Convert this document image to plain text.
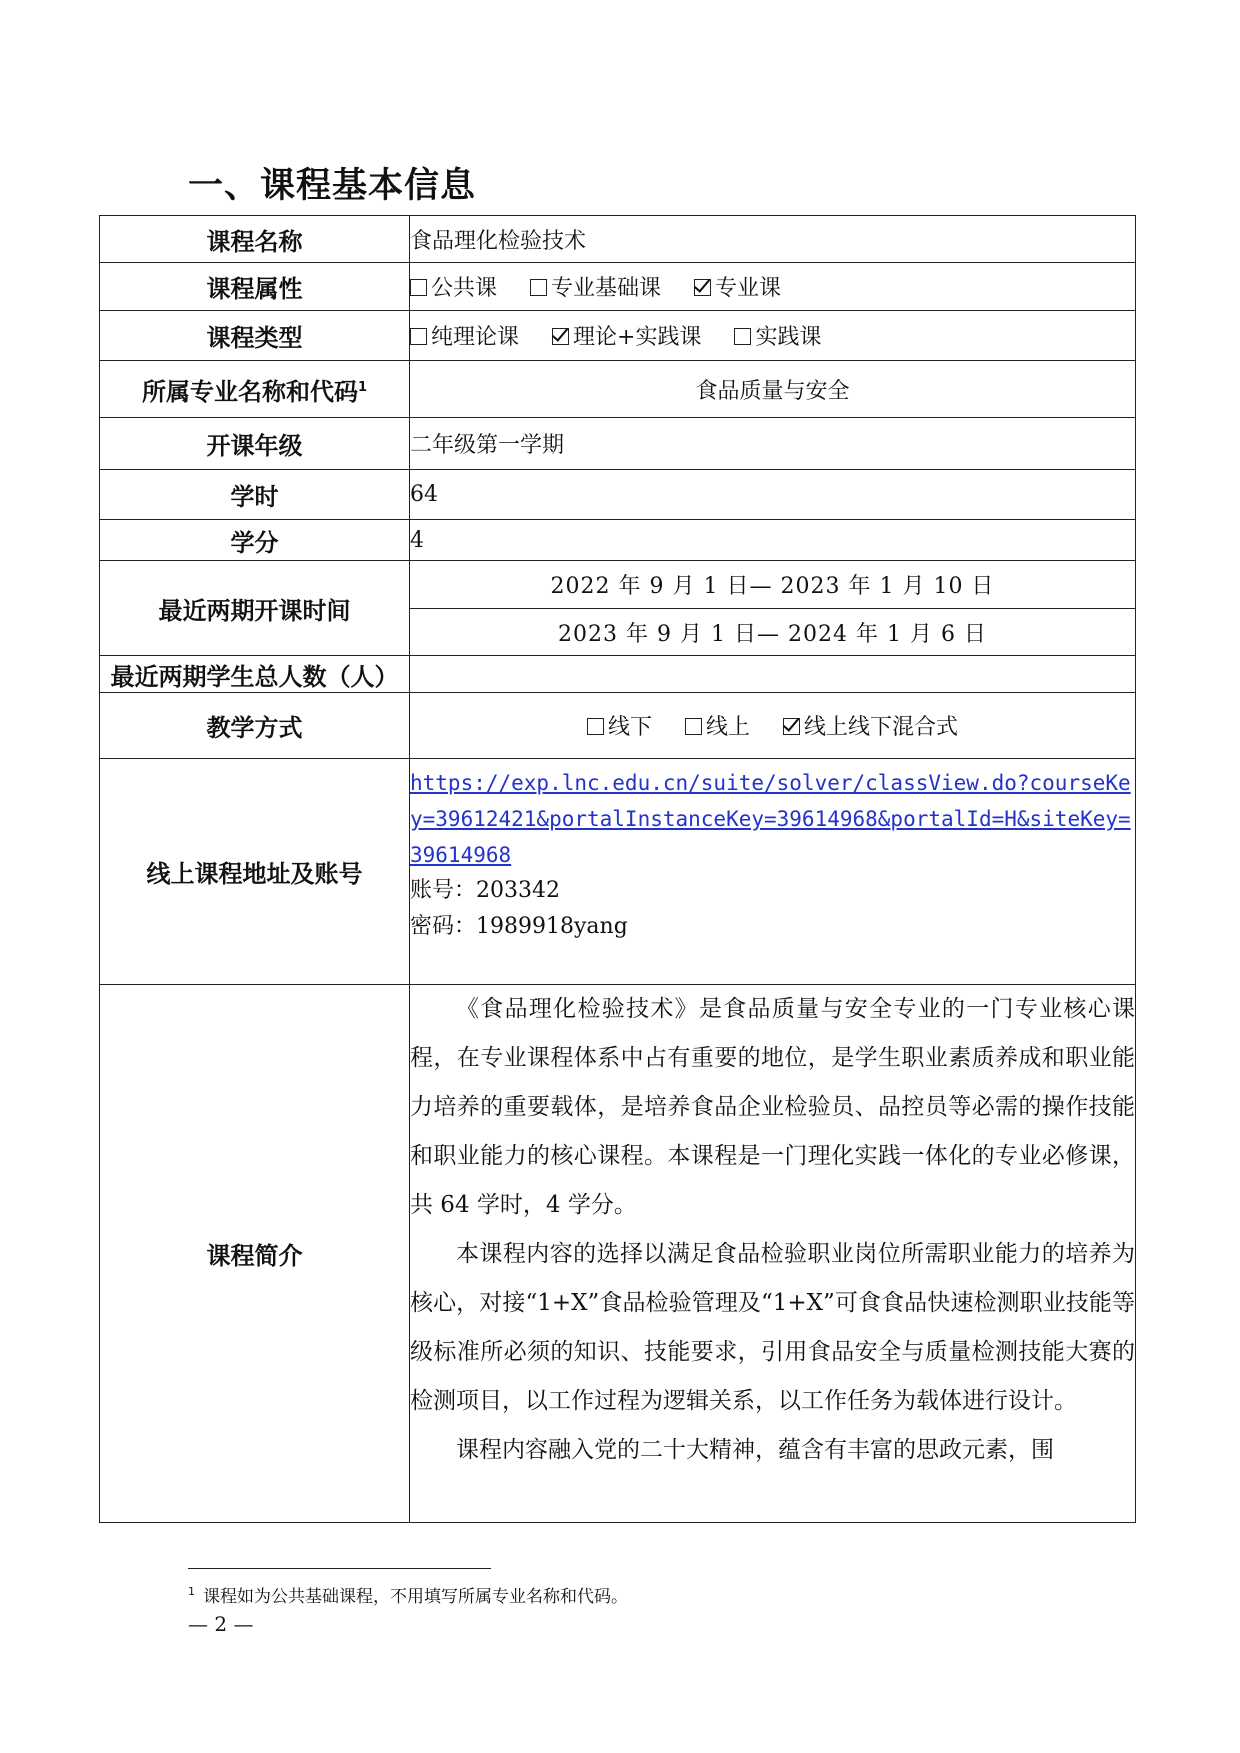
一、课程基本信息
课程名称	食品理化检验技术
课程属性	公共课 专业基础课 专业课
课程类型	纯理论课 理论+实践课 实践课
所属专业名称和代码$^1$	食品质量与安全
开课年级	二年级第一学期
学时	64
学分	4
最近两期开课时间	2022 年 9 月 1 日— 2023 年 1 月 10 日
	2023 年 9 月 1 日— 2024 年 1 月 6 日
最近两期学生总人数（人）	
教学方式	线下 线上 线上线下混合式
线上课程地址及账号	https://exp.lnc.edu.cn/suite/solver/classView.do?courseKey=39612421&portalInstanceKey=39614968&portalId=H&siteKey=39614968
账号：203342
密码：1989918yang

课程简介	《食品理化检验技术》是食品质量与安全专业的一门专业核心课程，在专业课程体系中占有重要的地位，是学生职业素质养成和职业能力培养的重要载体，是培养食品企业检验员、品控员等必需的操作技能和职业能力的核心课程。本课程是一门理化实践一体化的专业必修课，共 64 学时，4 学分。

本课程内容的选择以满足食品检验职业岗位所需职业能力的培养为核心，对接“1+X”食品检验管理及“1+X”可食食品快速检测职业技能等级标准所必须的知识、技能要求，引用食品安全与质量检测技能大赛的检测项目，以工作过程为逻辑关系，以工作任务为载体进行设计。

课程内容融入党的二十大精神，蕴含有丰富的思政元素，围

$^1$ 课程如为公共基础课程，不用填写所属专业名称和代码。
— 2 —
